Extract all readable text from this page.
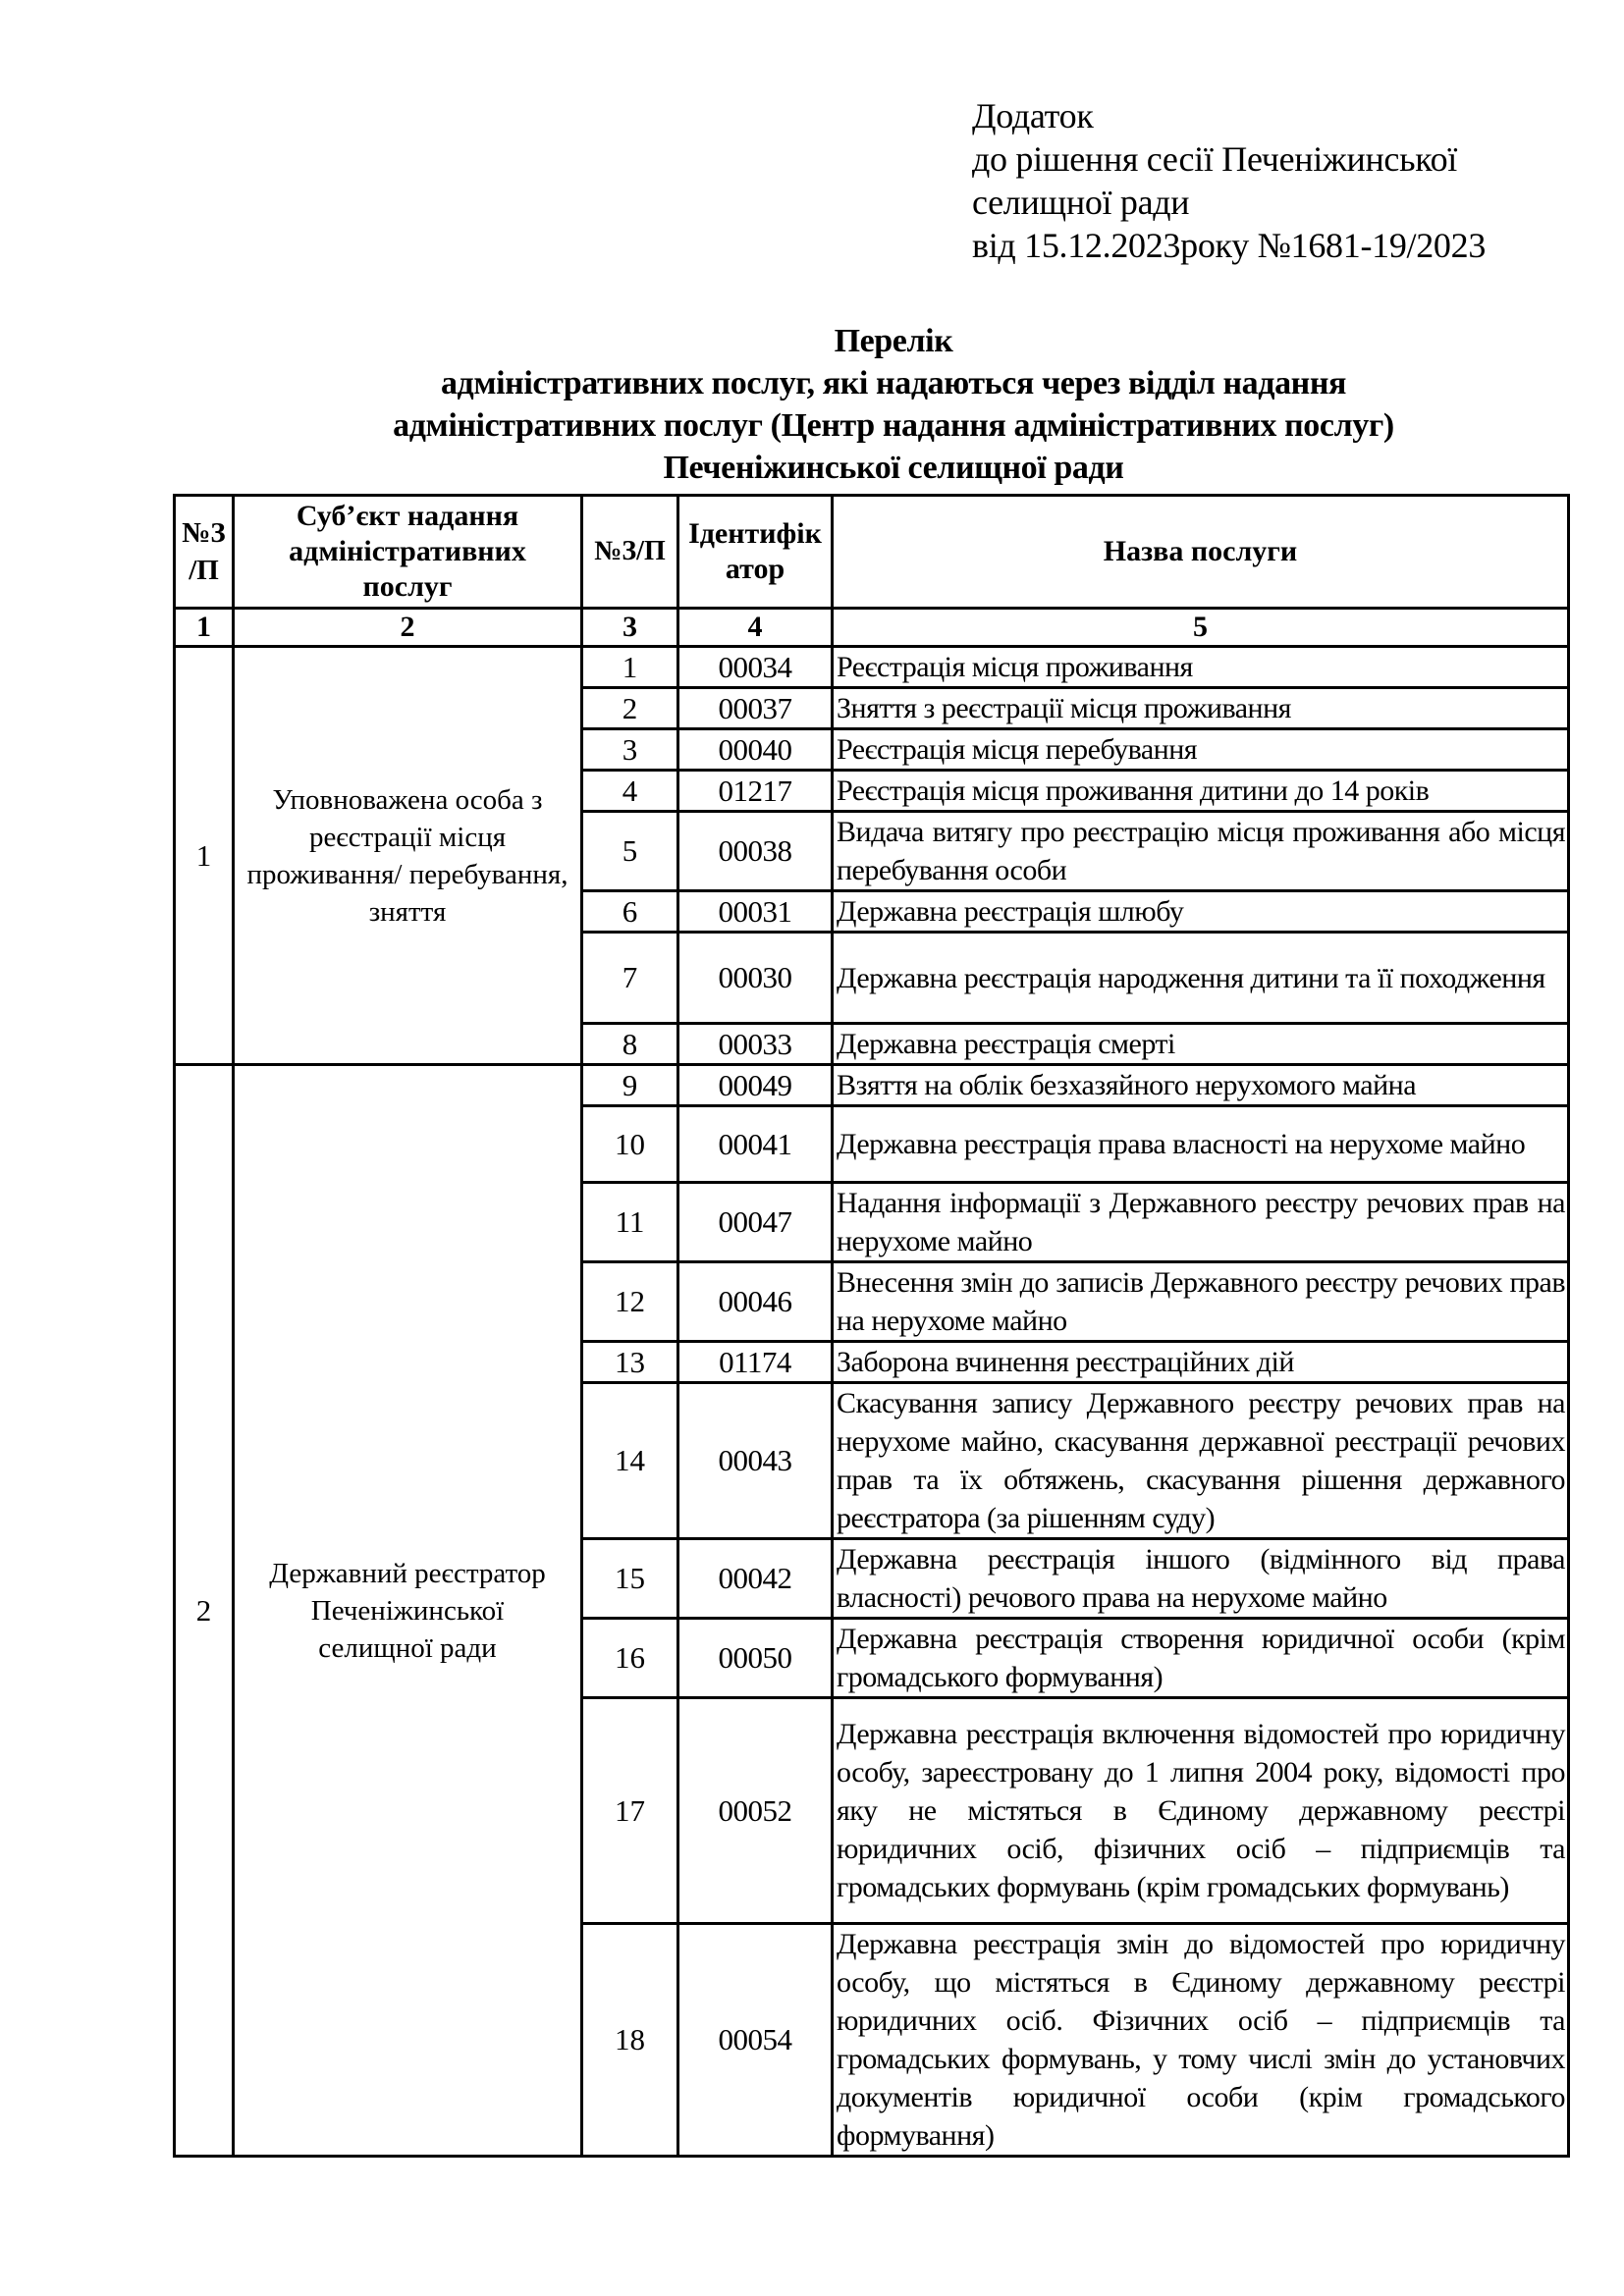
Додаток
до рішення сесії Печеніжинської
селищної ради
від 15.12.2023року №1681-19/2023
Перелік
адміністративних послуг, які надаються через відділ надання
адміністративних послуг (Центр надання адміністративних послуг)
Печеніжинської селищної ради
№З /П	Суб’єкт надання адміністративних послуг	№З/П	Ідентифік атор	Назва послуги
1	2	3	4	5
1	Уповноважена особа з реєстрації місця проживання/ перебування, зняття	1	00034	Реєстрація місця проживання
		2	00037	Зняття з реєстрації місця проживання
		3	00040	Реєстрація місця перебування
		4	01217	Реєстрація місця проживання дитини до 14 років
		5	00038	Видача витягу про реєстрацію місця проживання або місця перебування особи
		6	00031	Державна реєстрація шлюбу
		7	00030	Державна реєстрація народження дитини та її походження
		8	00033	Державна реєстрація смерті
2	Державний реєстратор Печеніжинської селищної ради	9	00049	Взяття на облік безхазяйного нерухомого майна
		10	00041	Державна реєстрація права власності на нерухоме майно
		11	00047	Надання інформації з Державного реєстру речових прав на нерухоме майно
		12	00046	Внесення змін до записів Державного реєстру речових прав на нерухоме майно
		13	01174	Заборона вчинення реєстраційних дій
		14	00043	Скасування запису Державного реєстру речових прав на нерухоме майно, скасування державної реєстрації речових прав та їх обтяжень, скасування рішення державного реєстратора (за рішенням суду)
		15	00042	Державна реєстрація іншого (відмінного від права власності) речового права на нерухоме майно
		16	00050	Державна реєстрація створення юридичної особи (крім громадського формування)
		17	00052	Державна реєстрація включення відомостей про юридичну особу, зареєстровану до 1 липня 2004 року, відомості про яку не містяться в Єдиному державному реєстрі юридичних осіб, фізичних осіб – підприємців та громадських формувань (крім громадських формувань)
		18	00054	Державна реєстрація змін до відомостей про юридичну особу, що містяться в Єдиному державному реєстрі юридичних осіб. Фізичних осіб – підприємців та громадських формувань, у тому числі змін до установчих документів юридичної особи (крім громадського формування)
